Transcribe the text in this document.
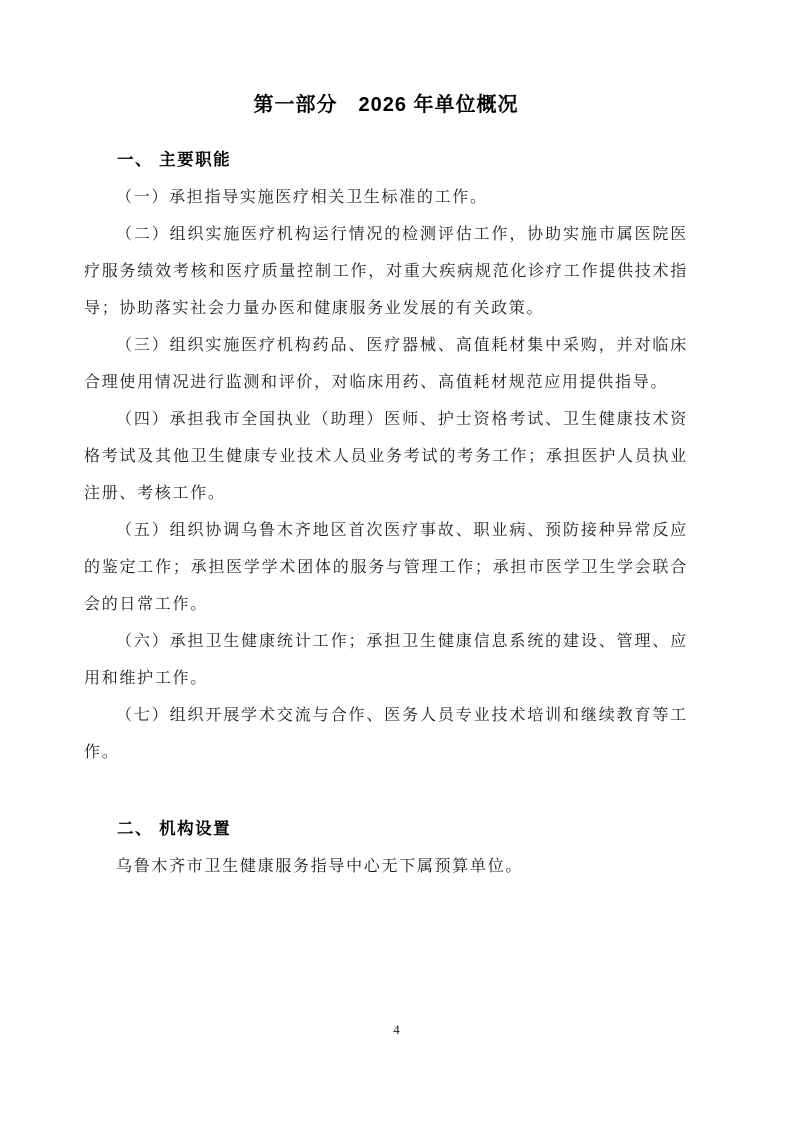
第一部分　2026 年单位概况
一、 主要职能

（一）承担指导实施医疗相关卫生标准的工作。

（二）组织实施医疗机构运行情况的检测评估工作，协助实施市属医院医疗服务绩效考核和医疗质量控制工作，对重大疾病规范化诊疗工作提供技术指导；协助落实社会力量办医和健康服务业发展的有关政策。

（三）组织实施医疗机构药品、医疗器械、高值耗材集中采购，并对临床合理使用情况进行监测和评价，对临床用药、高值耗材规范应用提供指导。

（四）承担我市全国执业（助理）医师、护士资格考试、卫生健康技术资格考试及其他卫生健康专业技术人员业务考试的考务工作；承担医护人员执业注册、考核工作。

（五）组织协调乌鲁木齐地区首次医疗事故、职业病、预防接种异常反应的鉴定工作；承担医学学术团体的服务与管理工作；承担市医学卫生学会联合会的日常工作。

（六）承担卫生健康统计工作；承担卫生健康信息系统的建设、管理、应用和维护工作。

（七）组织开展学术交流与合作、医务人员专业技术培训和继续教育等工作。

二、 机构设置

乌鲁木齐市卫生健康服务指导中心无下属预算单位。

4
